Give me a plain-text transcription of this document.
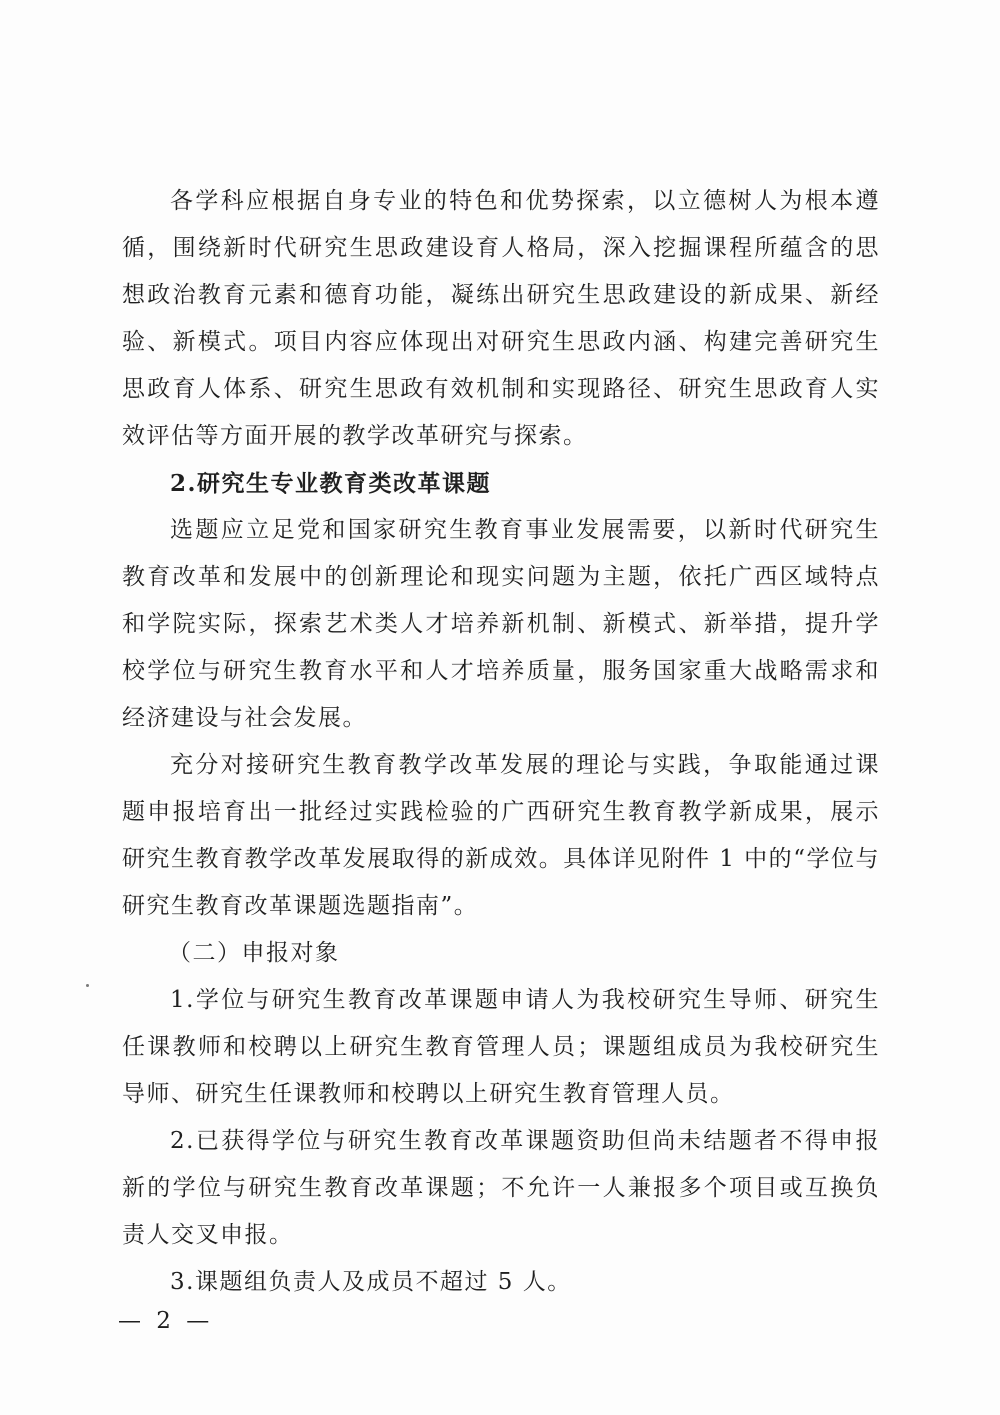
各学科应根据自身专业的特色和优势探索，以立德树人为根本遵循，围绕新时代研究生思政建设育人格局，深入挖掘课程所蕴含的思想政治教育元素和德育功能，凝练出研究生思政建设的新成果、新经验、新模式。项目内容应体现出对研究生思政内涵、构建完善研究生思政育人体系、研究生思政有效机制和实现路径、研究生思政育人实效评估等方面开展的教学改革研究与探索。

2.研究生专业教育类改革课题

选题应立足党和国家研究生教育事业发展需要，以新时代研究生教育改革和发展中的创新理论和现实问题为主题，依托广西区域特点和学院实际，探索艺术类人才培养新机制、新模式、新举措，提升学校学位与研究生教育水平和人才培养质量，服务国家重大战略需求和经济建设与社会发展。

充分对接研究生教育教学改革发展的理论与实践，争取能通过课题申报培育出一批经过实践检验的广西研究生教育教学新成果，展示研究生教育教学改革发展取得的新成效。具体详见附件 1 中的“学位与研究生教育改革课题选题指南”。

（二）申报对象

1.学位与研究生教育改革课题申请人为我校研究生导师、研究生任课教师和校聘以上研究生教育管理人员；课题组成员为我校研究生导师、研究生任课教师和校聘以上研究生教育管理人员。

2.已获得学位与研究生教育改革课题资助但尚未结题者不得申报新的学位与研究生教育改革课题；不允许一人兼报多个项目或互换负责人交叉申报。

3.课题组负责人及成员不超过 5 人。

— 2 —
